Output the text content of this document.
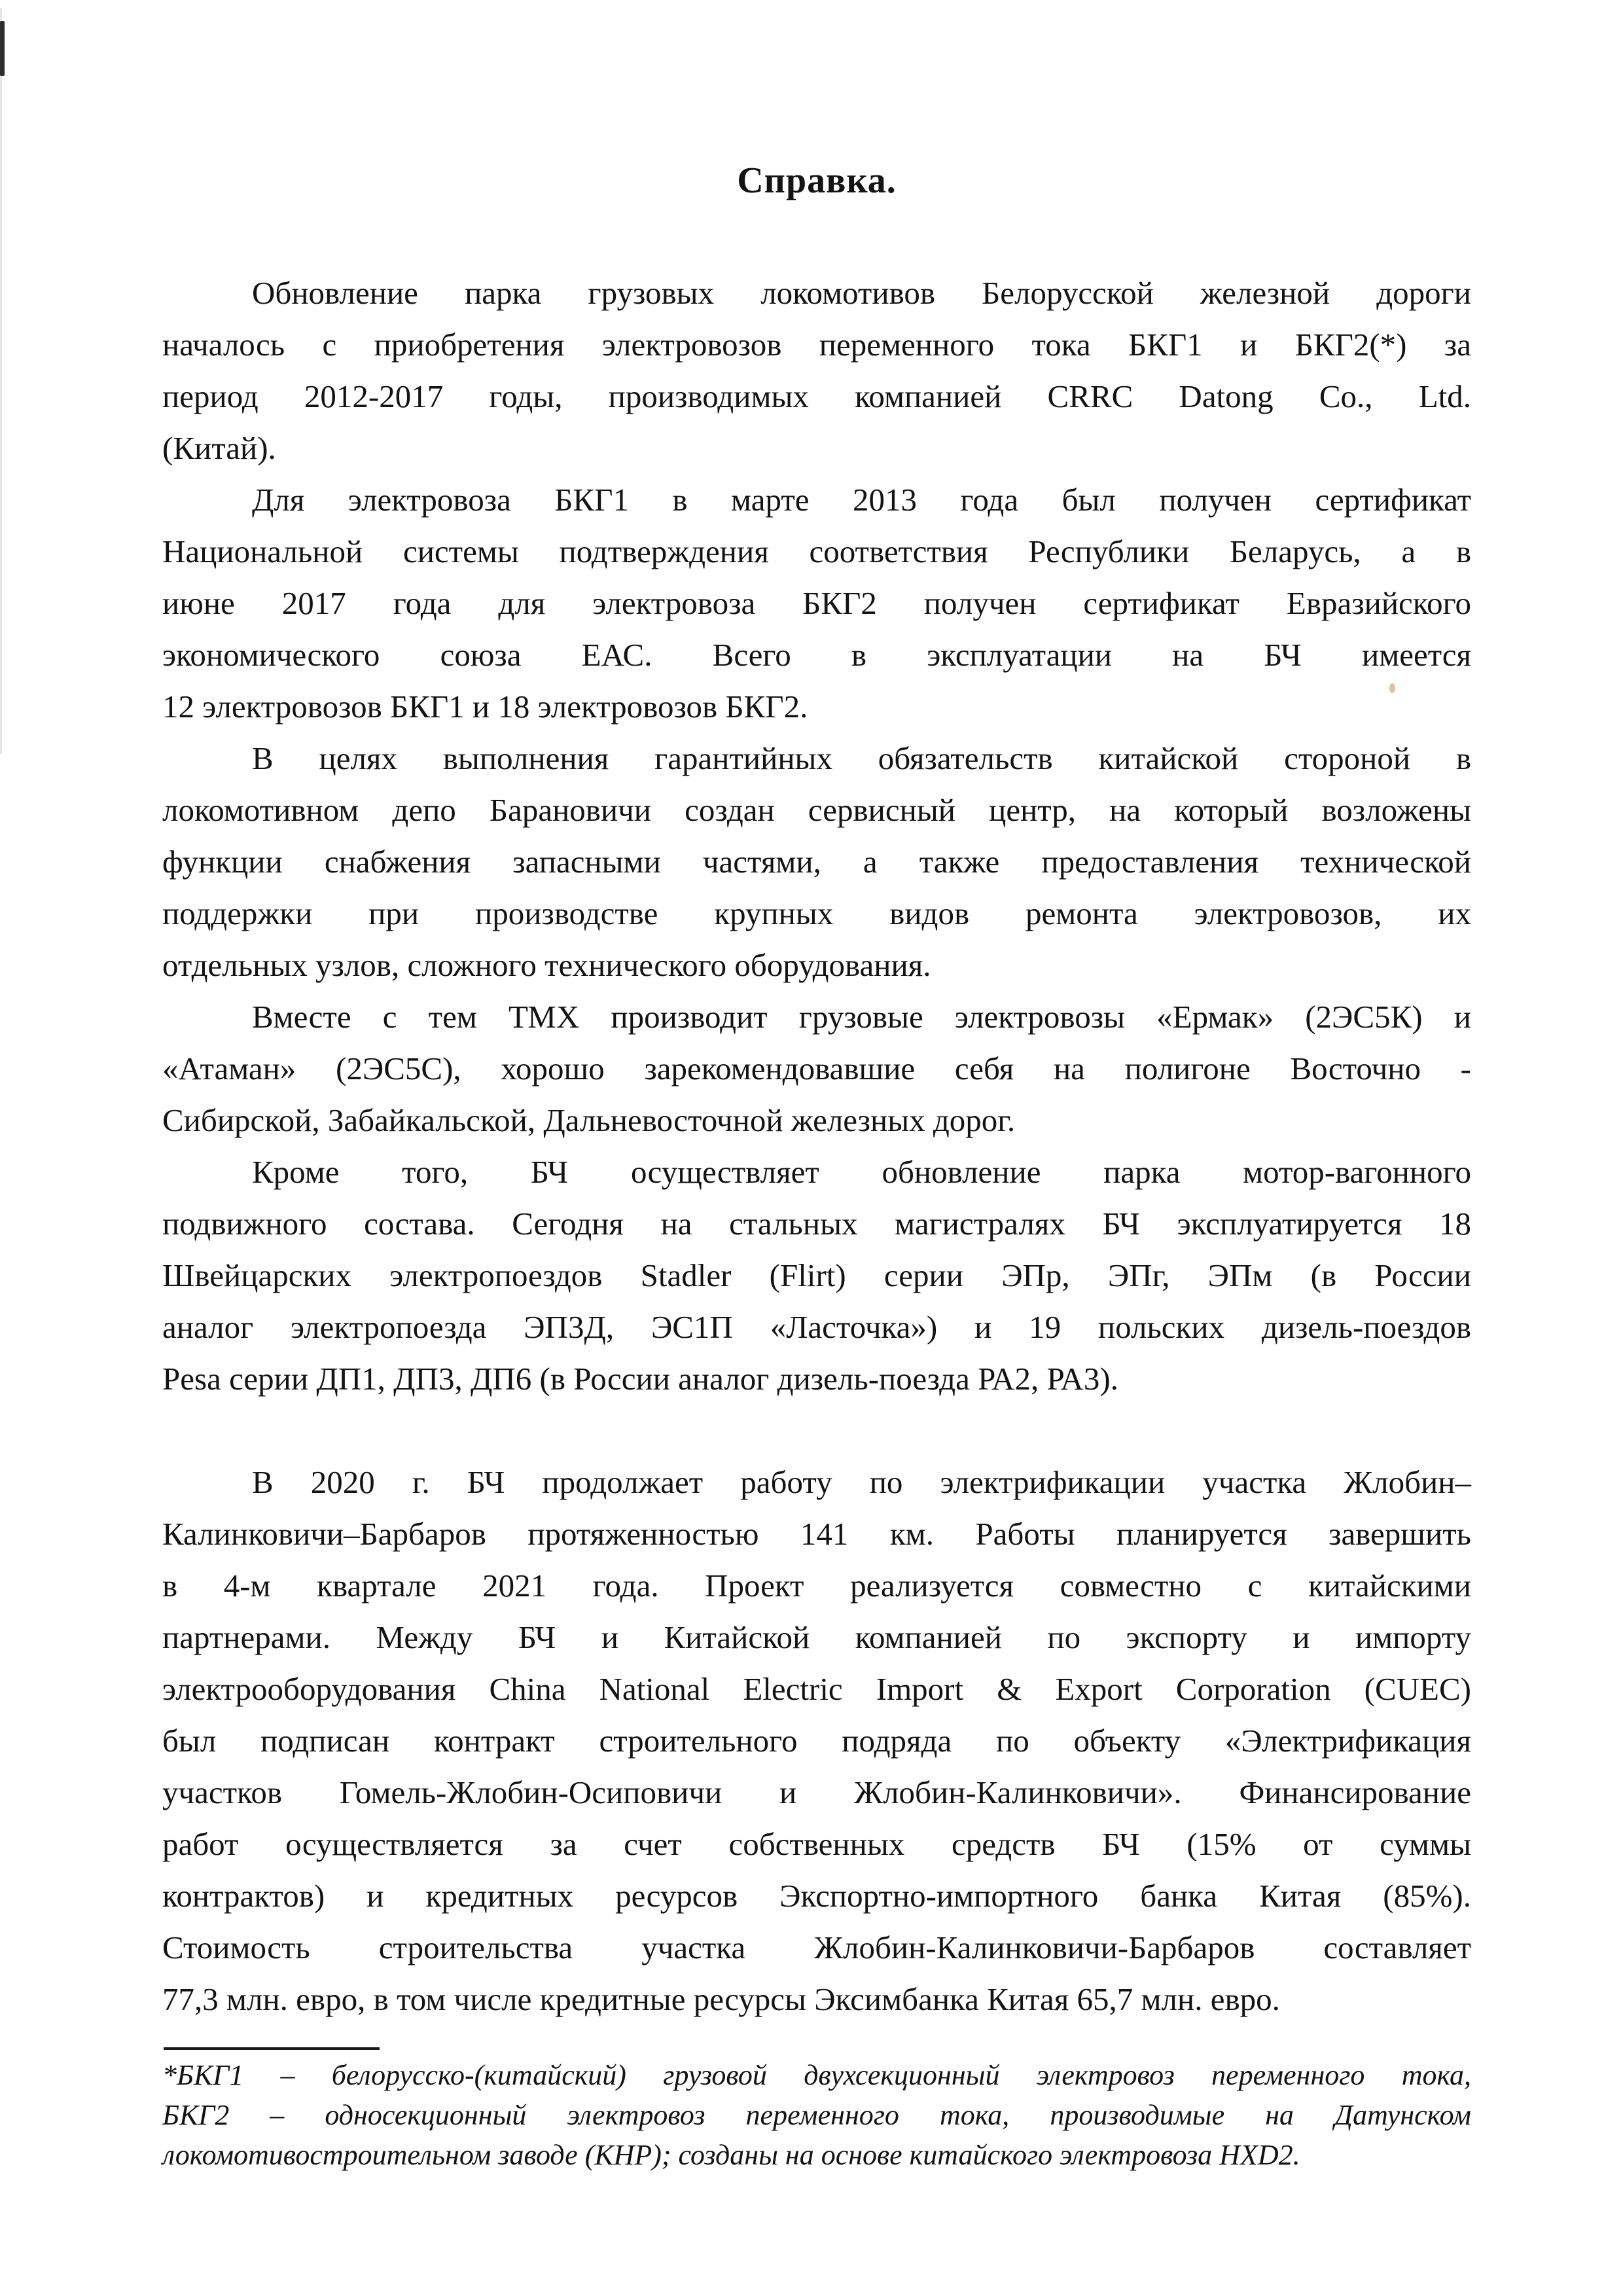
Справка.
Обновление парка грузовых локомотивов Белорусской железной дороги
началось с приобретения электровозов переменного тока БКГ1 и БКГ2(*) за
период 2012-2017 годы, производимых компанией CRRC Datong Co., Ltd.
(Китай).
Для электровоза БКГ1 в марте 2013 года был получен сертификат
Национальной системы подтверждения соответствия Республики Беларусь, а в
июне 2017 года для электровоза БКГ2 получен сертификат Евразийского
экономического союза ЕАС. Всего в эксплуатации на БЧ имеется
12 электровозов БКГ1 и 18 электровозов БКГ2.
В целях выполнения гарантийных обязательств китайской стороной в
локомотивном депо Барановичи создан сервисный центр, на который возложены
функции снабжения запасными частями, а также предоставления технической
поддержки при производстве крупных видов ремонта электровозов, их
отдельных узлов, сложного технического оборудования.
Вместе с тем ТМХ производит грузовые электровозы «Ермак» (2ЭС5К) и
«Атаман» (2ЭС5С), хорошо зарекомендовавшие себя на полигоне Восточно -
Сибирской, Забайкальской, Дальневосточной железных дорог.
Кроме того, БЧ осуществляет обновление парка мотор-вагонного
подвижного состава. Сегодня на стальных магистралях БЧ эксплуатируется 18
Швейцарских электропоездов Stadler (Flirt) серии ЭПр, ЭПг, ЭПм (в России
аналог электропоезда ЭП3Д, ЭС1П «Ласточка») и 19 польских дизель-поездов
Pesa серии ДП1, ДП3, ДП6 (в России аналог дизель-поезда РА2, РА3).
В 2020 г. БЧ продолжает работу по электрификации участка Жлобин–
Калинковичи–Барбаров протяженностью 141 км. Работы планируется завершить
в 4-м квартале 2021 года. Проект реализуется совместно с китайскими
партнерами. Между БЧ и Китайской компанией по экспорту и импорту
электрооборудования China National Electric Import & Export Corporation (CUEC)
был подписан контракт строительного подряда по объекту «Электрификация
участков Гомель-Жлобин-Осиповичи и Жлобин-Калинковичи». Финансирование
работ осуществляется за счет собственных средств БЧ (15% от суммы
контрактов) и кредитных ресурсов Экспортно-импортного банка Китая (85%).
Стоимость строительства участка Жлобин-Калинковичи-Барбаров составляет
77,3 млн. евро, в том числе кредитные ресурсы Эксимбанка Китая 65,7 млн. евро.
*БКГ1 – белорусско-(китайский) грузовой двухсекционный электровоз переменного тока,
БКГ2 – односекционный электровоз переменного тока, производимые на Датунском
локомотивостроительном заводе (КНР); созданы на основе китайского электровоза HXD2.
